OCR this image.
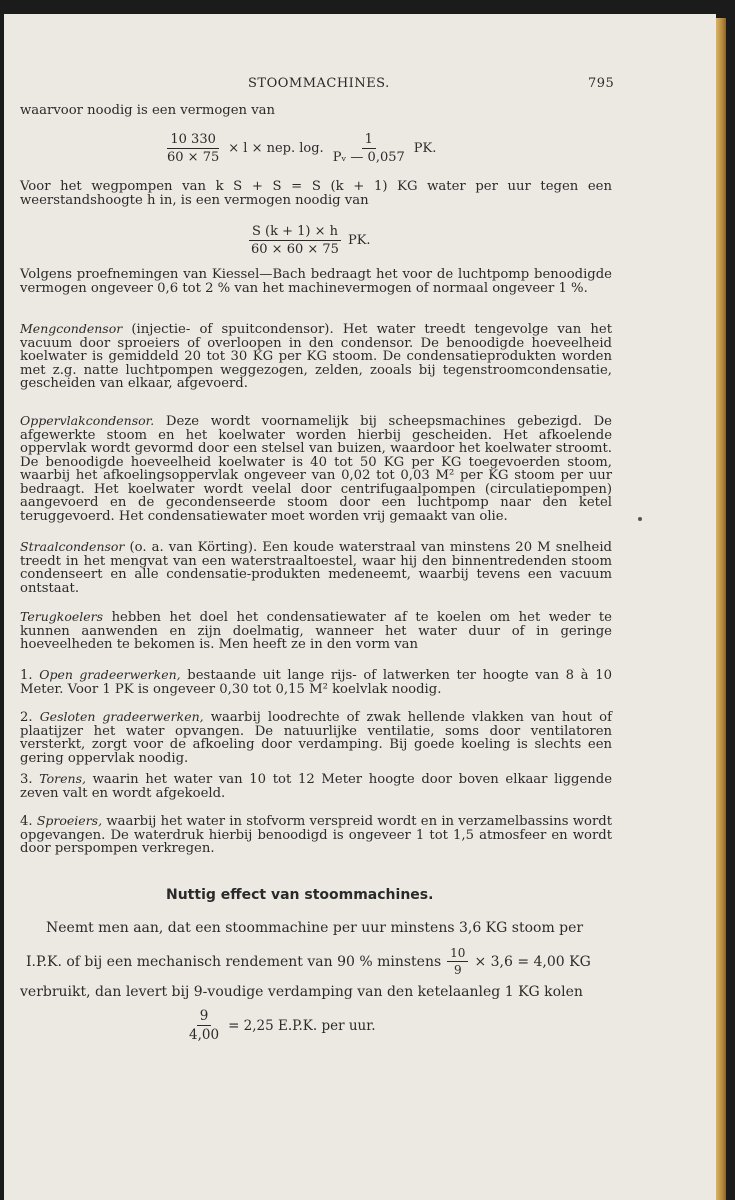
STOOMMACHINES.	795

waarvoor noodig is een vermogen van

$\frac{10 330}{60 \times 75} \times l$ × nep. log. $\frac{1}{\text{Pᵥ — 0,057}}$ PK.

Voor het wegpompen van k S + S = S (k + 1) KG water per uur tegen een weerstandshoogte h in, is een vermogen noodig van

$\frac{S (k + 1) \times h}{60 \times 60 \times 75}$ PK.

Volgens proefnemingen van Kiessel—Bach bedraagt het voor de luchtpomp benoodigde vermogen ongeveer 0,6 tot 2 % van het machinevermogen of normaal ongeveer 1 %.

Mengcondensor (injectie- of spuitcondensor). Het water treedt tengevolge van het vacuum door sproeiers of overloopen in den condensor. De benoodigde hoeveelheid koelwater is gemiddeld 20 tot 30 KG per KG stoom. De condensatieprodukten worden met z.g. natte luchtpompen weggezogen, zelden, zooals bij tegenstroomcondensatie, gescheiden van elkaar, afgevoerd.

Oppervlakcondensor. Deze wordt voornamelijk bij scheepsmachines gebezigd. De afgewerkte stoom en het koelwater worden hierbij gescheiden. Het afkoelende oppervlak wordt gevormd door een stelsel van buizen, waardoor het koelwater stroomt. De benoodigde hoeveelheid koelwater is 40 tot 50 KG per KG toegevoerden stoom, waarbij het afkoelingsoppervlak ongeveer van 0,02 tot 0,03 M² per KG stoom per uur bedraagt. Het koelwater wordt veelal door centrifugaalpompen (circulatiepompen) aangevoerd en de gecondenseerde stoom door een luchtpomp naar den ketel teruggevoerd. Het condensatiewater moet worden vrij gemaakt van olie.

Straalcondensor (o. a. van Körting). Een koude waterstraal van minstens 20 M snelheid treedt in het mengvat van een waterstraaltoestel, waar hij den binnentredenden stoom condenseert en alle condensatie-produkten medeneemt, waarbij tevens een vacuum ontstaat.

Terugkoelers hebben het doel het condensatiewater af te koelen om het weder te kunnen aanwenden en zijn doelmatig, wanneer het water duur of in geringe hoeveelheden te bekomen is. Men heeft ze in den vorm van

1. Open gradeerwerken, bestaande uit lange rijs- of latwerken ter hoogte van 8 à 10 Meter. Voor 1 PK is ongeveer 0,30 tot 0,15 M² koelvlak noodig.

2. Gesloten gradeerwerken, waarbij loodrechte of zwak hellende vlakken van hout of plaatijzer het water opvangen. De natuurlijke ventilatie, soms door ventilatoren versterkt, zorgt voor de afkoeling door verdamping. Bij goede koeling is slechts een gering oppervlak noodig.

3. Torens, waarin het water van 10 tot 12 Meter hoogte door boven elkaar liggende zeven valt en wordt afgekoeld.

4. Sproeiers, waarbij het water in stofvorm verspreid wordt en in verzamelbassins wordt opgevangen. De waterdruk hierbij benoodigd is ongeveer 1 tot 1,5 atmosfeer en wordt door perspompen verkregen.

Nuttig effect van stoommachines.
Neemt men aan, dat een stoommachine per uur minstens 3,6 KG stoom per
I.P.K. of bij een mechanisch rendement van 90 % minstens $\frac{10}{9} \times 3,6 = 4,00$ KG
verbruikt, dan levert bij 9-voudige verdamping van den ketelaanleg 1 KG kolen
$\frac{9}{4,00} = 2,25$ E.P.K. per uur.
